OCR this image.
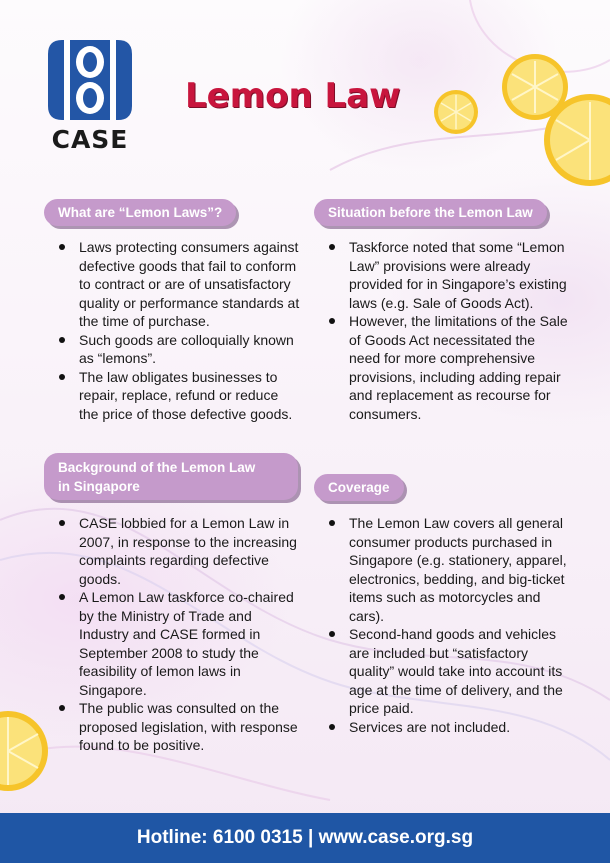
CASE
Lemon Law
What are “Lemon Laws”?
Laws protecting consumers against defective goods that fail to conform to contract or are of unsatisfactory quality or performance standards at the time of purchase.
Such goods are colloquially known as “lemons”.
The law obligates businesses to repair, replace, refund or reduce the price of those defective goods.
Situation before the Lemon Law
Taskforce noted that some “Lemon Law” provisions were already provided for in Singapore’s existing laws (e.g. Sale of Goods Act).
However, the limitations of the Sale of Goods Act necessitated the need for more comprehensive provisions, including adding repair and replacement as recourse for consumers.
Background of the Lemon Law
in Singapore
CASE lobbied for a Lemon Law in 2007, in response to the increasing complaints regarding defective goods.
A Lemon Law taskforce co-chaired by the Ministry of Trade and Industry and CASE formed in September 2008 to study the feasibility of lemon laws in Singapore.
The public was consulted on the proposed legislation, with response found to be positive.
Coverage
The Lemon Law covers all general consumer products purchased in Singapore (e.g. stationery, apparel, electronics, bedding, and big-ticket items such as motorcycles and cars).
Second-hand goods and vehicles are included but “satisfactory quality” would take into account its age at the time of delivery, and the price paid.
Services are not included.
Hotline: 6100 0315 | www.case.org.sg
